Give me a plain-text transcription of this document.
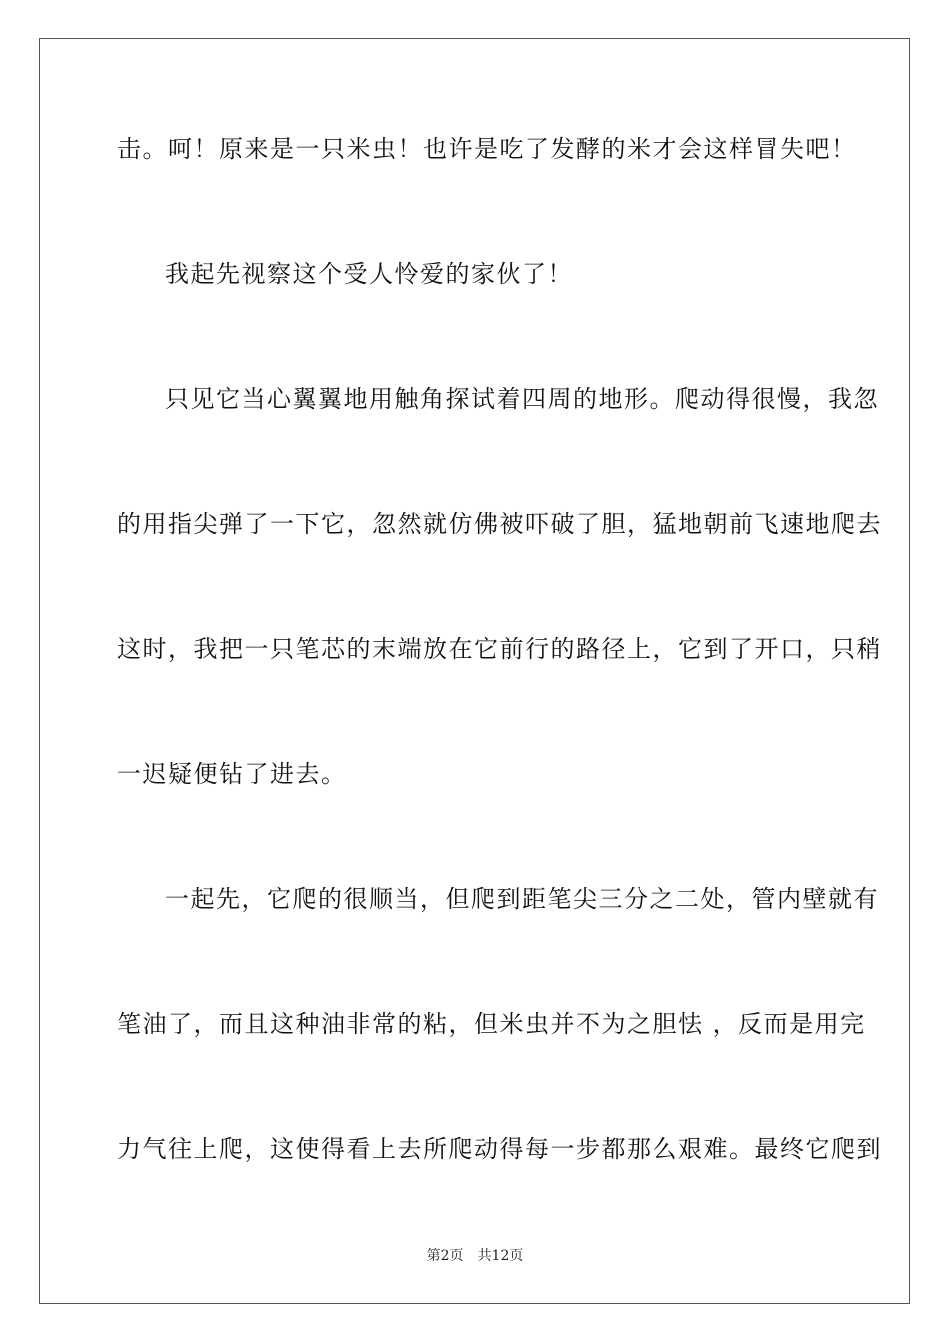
击。呵！原来是一只米虫！也许是吃了发酵的米才会这样冒失吧！
我起先视察这个受人怜爱的家伙了！
只见它当心翼翼地用触角探试着四周的地形。爬动得很慢，我忽
的用指尖弹了一下它，忽然就仿佛被吓破了胆，猛地朝前飞速地爬去
这时，我把一只笔芯的末端放在它前行的路径上，它到了开口，只稍
一迟疑便钻了进去。
一起先，它爬的很顺当，但爬到距笔尖三分之二处，管内壁就有
笔油了，而且这种油非常的粘，但米虫并不为之胆怯 ，反而是用完
力气往上爬，这使得看上去所爬动得每一步都那么艰难。最终它爬到
第2页 共12页
